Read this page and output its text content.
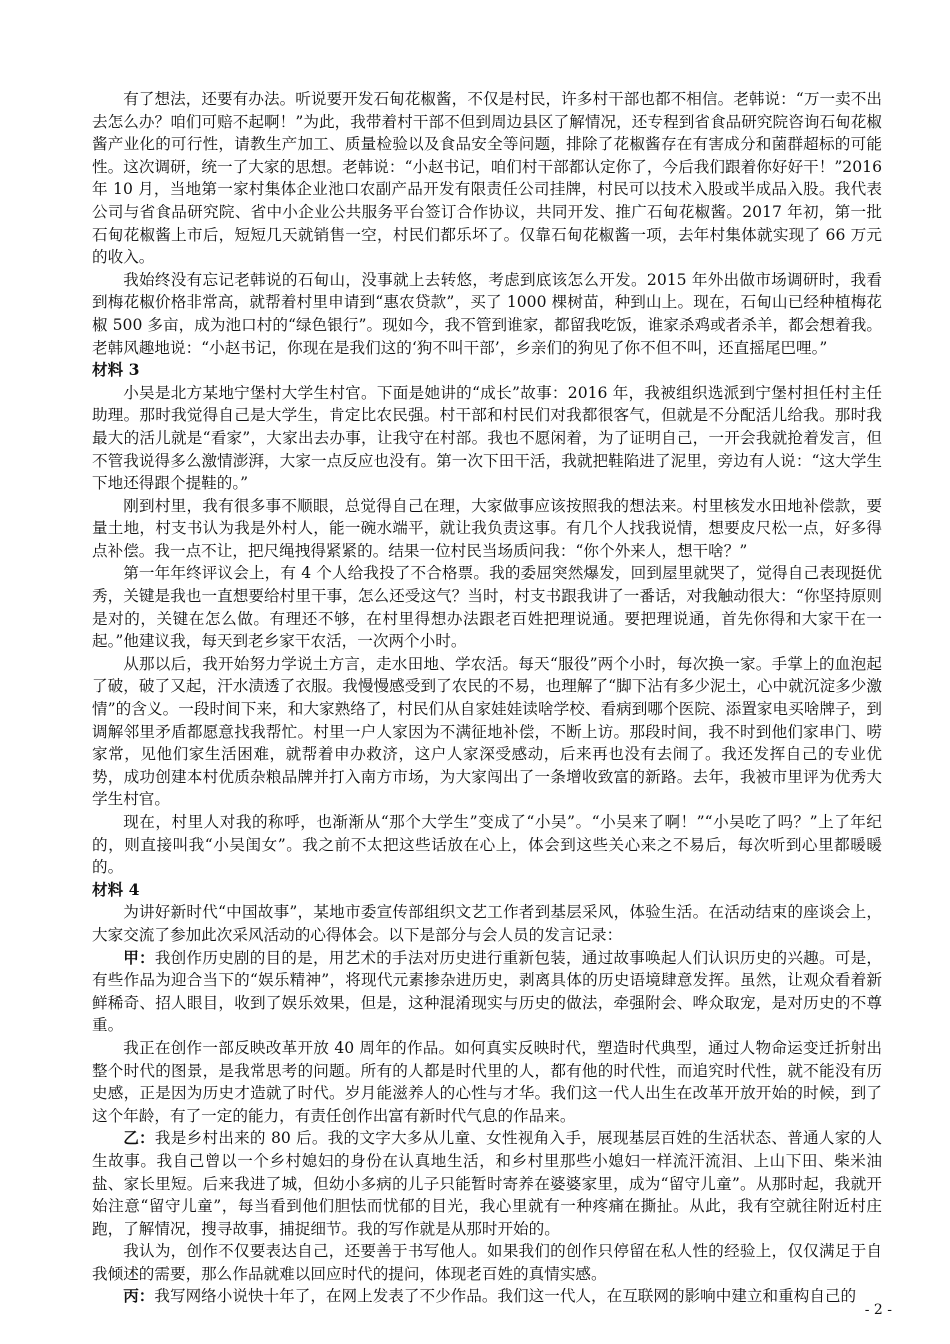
有了想法，还要有办法。听说要开发石甸花椒酱，不仅是村民，许多村干部也都不相信。老韩说：“万一卖不出去怎么办？咱们可赔不起啊！”为此，我带着村干部不但到周边县区了解情况，还专程到省食品研究院咨询石甸花椒酱产业化的可行性，请教生产加工、质量检验以及食品安全等问题，排除了花椒酱存在有害成分和菌群超标的可能性。这次调研，统一了大家的思想。老韩说：“小赵书记，咱们村干部都认定你了，今后我们跟着你好好干！”2016 年 10 月，当地第一家村集体企业池口农副产品开发有限责任公司挂牌，村民可以技术入股或半成品入股。我代表公司与省食品研究院、省中小企业公共服务平台签订合作协议，共同开发、推广石甸花椒酱。2017 年初，第一批石甸花椒酱上市后，短短几天就销售一空，村民们都乐坏了。仅靠石甸花椒酱一项，去年村集体就实现了 66 万元的收入。

我始终没有忘记老韩说的石甸山，没事就上去转悠，考虑到底该怎么开发。2015 年外出做市场调研时，我看到梅花椒价格非常高，就帮着村里申请到“惠农贷款”，买了 1000 棵树苗，种到山上。现在，石甸山已经种植梅花椒 500 多亩，成为池口村的“绿色银行”。现如今，我不管到谁家，都留我吃饭，谁家杀鸡或者杀羊，都会想着我。老韩风趣地说：“小赵书记，你现在是我们这的‘狗不叫干部’，乡亲们的狗见了你不但不叫，还直摇尾巴哩。”

材料 3

小吴是北方某地宁堡村大学生村官。下面是她讲的“成长”故事：2016 年，我被组织选派到宁堡村担任村主任助理。那时我觉得自己是大学生，肯定比农民强。村干部和村民们对我都很客气，但就是不分配活儿给我。那时我最大的活儿就是“看家”，大家出去办事，让我守在村部。我也不愿闲着，为了证明自己，一开会我就抢着发言，但不管我说得多么激情澎湃，大家一点反应也没有。第一次下田干活，我就把鞋陷进了泥里，旁边有人说：“这大学生下地还得跟个提鞋的。”

刚到村里，我有很多事不顺眼，总觉得自己在理，大家做事应该按照我的想法来。村里核发水田地补偿款，要量土地，村支书认为我是外村人，能一碗水端平，就让我负责这事。有几个人找我说情，想要皮尺松一点，好多得点补偿。我一点不让，把尺绳拽得紧紧的。结果一位村民当场质问我：“你个外来人，想干啥？”

第一年年终评议会上，有 4 个人给我投了不合格票。我的委屈突然爆发，回到屋里就哭了，觉得自己表现挺优秀，关键是我也一直想要给村里干事，怎么还受这气？当时，村支书跟我讲了一番话，对我触动很大：“你坚持原则是对的，关键在怎么做。有理还不够，在村里得想办法跟老百姓把理说通。要把理说通，首先你得和大家干在一起。”他建议我，每天到老乡家干农活，一次两个小时。

从那以后，我开始努力学说土方言，走水田地、学农活。每天“服役”两个小时，每次换一家。手掌上的血泡起了破，破了又起，汗水渍透了衣服。我慢慢感受到了农民的不易，也理解了“脚下沾有多少泥土，心中就沉淀多少激情”的含义。一段时间下来，和大家熟络了，村民们从自家娃娃读啥学校、看病到哪个医院、添置家电买啥牌子，到调解邻里矛盾都愿意找我帮忙。村里一户人家因为不满征地补偿，不断上访。那段时间，我不时到他们家串门、唠家常，见他们家生活困难，就帮着申办救济，这户人家深受感动，后来再也没有去闹了。我还发挥自己的专业优势，成功创建本村优质杂粮品牌并打入南方市场，为大家闯出了一条增收致富的新路。去年，我被市里评为优秀大学生村官。

现在，村里人对我的称呼，也渐渐从“那个大学生”变成了“小吴”。“小吴来了啊！”“小吴吃了吗？”上了年纪的，则直接叫我“小吴闺女”。我之前不太把这些话放在心上，体会到这些关心来之不易后，每次听到心里都暖暖的。

材料 4

为讲好新时代“中国故事”，某地市委宣传部组织文艺工作者到基层采风，体验生活。在活动结束的座谈会上，大家交流了参加此次采风活动的心得体会。以下是部分与会人员的发言记录：

甲：我创作历史剧的目的是，用艺术的手法对历史进行重新包装，通过故事唤起人们认识历史的兴趣。可是，有些作品为迎合当下的“娱乐精神”，将现代元素掺杂进历史，剥离具体的历史语境肆意发挥。虽然，让观众看着新鲜稀奇、招人眼目，收到了娱乐效果，但是，这种混淆现实与历史的做法，牵强附会、哗众取宠，是对历史的不尊重。

我正在创作一部反映改革开放 40 周年的作品。如何真实反映时代，塑造时代典型，通过人物命运变迁折射出整个时代的图景，是我常思考的问题。所有的人都是时代里的人，都有他的时代性，而追究时代性，就不能没有历史感，正是因为历史才造就了时代。岁月能滋养人的心性与才华。我们这一代人出生在改革开放开始的时候，到了这个年龄，有了一定的能力，有责任创作出富有新时代气息的作品来。

乙：我是乡村出来的 80 后。我的文字大多从儿童、女性视角入手，展现基层百姓的生活状态、普通人家的人生故事。我自己曾以一个乡村媳妇的身份在认真地生活，和乡村里那些小媳妇一样流汗流泪、上山下田、柴米油盐、家长里短。后来我进了城，但幼小多病的儿子只能暂时寄养在婆婆家里，成为“留守儿童”。从那时起，我就开始注意“留守儿童”，每当看到他们胆怯而忧郁的目光，我心里就有一种疼痛在撕扯。从此，我有空就往附近村庄跑，了解情况，搜寻故事，捕捉细节。我的写作就是从那时开始的。

我认为，创作不仅要表达自己，还要善于书写他人。如果我们的创作只停留在私人性的经验上，仅仅满足于自我倾述的需要，那么作品就难以回应时代的提问，体现老百姓的真情实感。

丙：我写网络小说快十年了，在网上发表了不少作品。我们这一代人，在互联网的影响中建立和重构自己的

- 2 -
